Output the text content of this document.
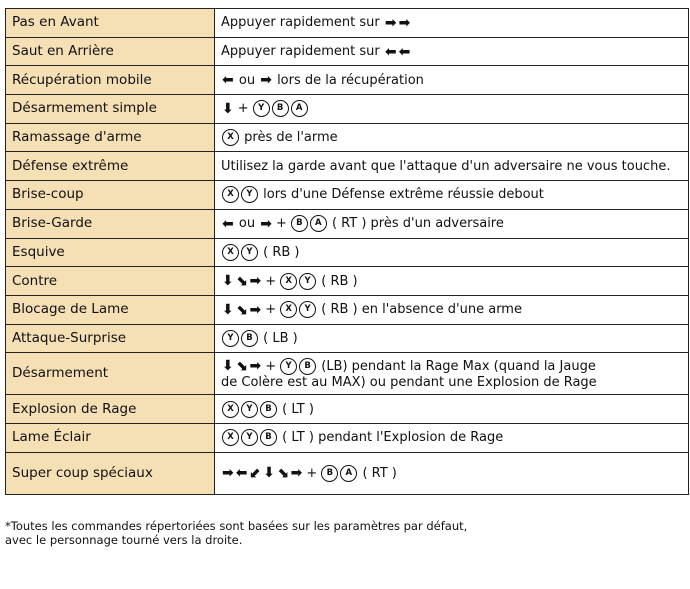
Pas en Avant	Appuyer rapidement sur ➡ ➡
Saut en Arrière	Appuyer rapidement sur ⬅ ⬅
Récupération mobile	⬅ ou ➡ lors de la récupération
Désarmement simple	⬇ + Y B A
Ramassage d'arme	X près de l'arme
Défense extrême	Utilisez la garde avant que l'attaque d'un adversaire ne vous touche.
Brise-coup	X Y lors d'une Défense extrême réussie debout
Brise-Garde	⬅ ou ➡ + B A ( RT ) près d'un adversaire
Esquive	X Y ( RB )
Contre	⬇ ⬊ ➡ + X Y ( RB )
Blocage de Lame	⬇ ⬊ ➡ + X Y ( RB ) en l'absence d'une arme
Attaque-Surprise	Y B ( LB )
Désarmement	⬇ ⬊ ➡ + Y B (LB) pendant la Rage Max (quand la Jauge
de Colère est au MAX) ou pendant une Explosion de Rage
Explosion de Rage	X Y B ( LT )
Lame Éclair	X Y B ( LT ) pendant l'Explosion de Rage
Super coup spéciaux	➡ ⬅ ⬋ ⬇ ⬊ ➡ + B A ( RT )
*Toutes les commandes répertoriées sont basées sur les paramètres par défaut,
avec le personnage tourné vers la droite.
